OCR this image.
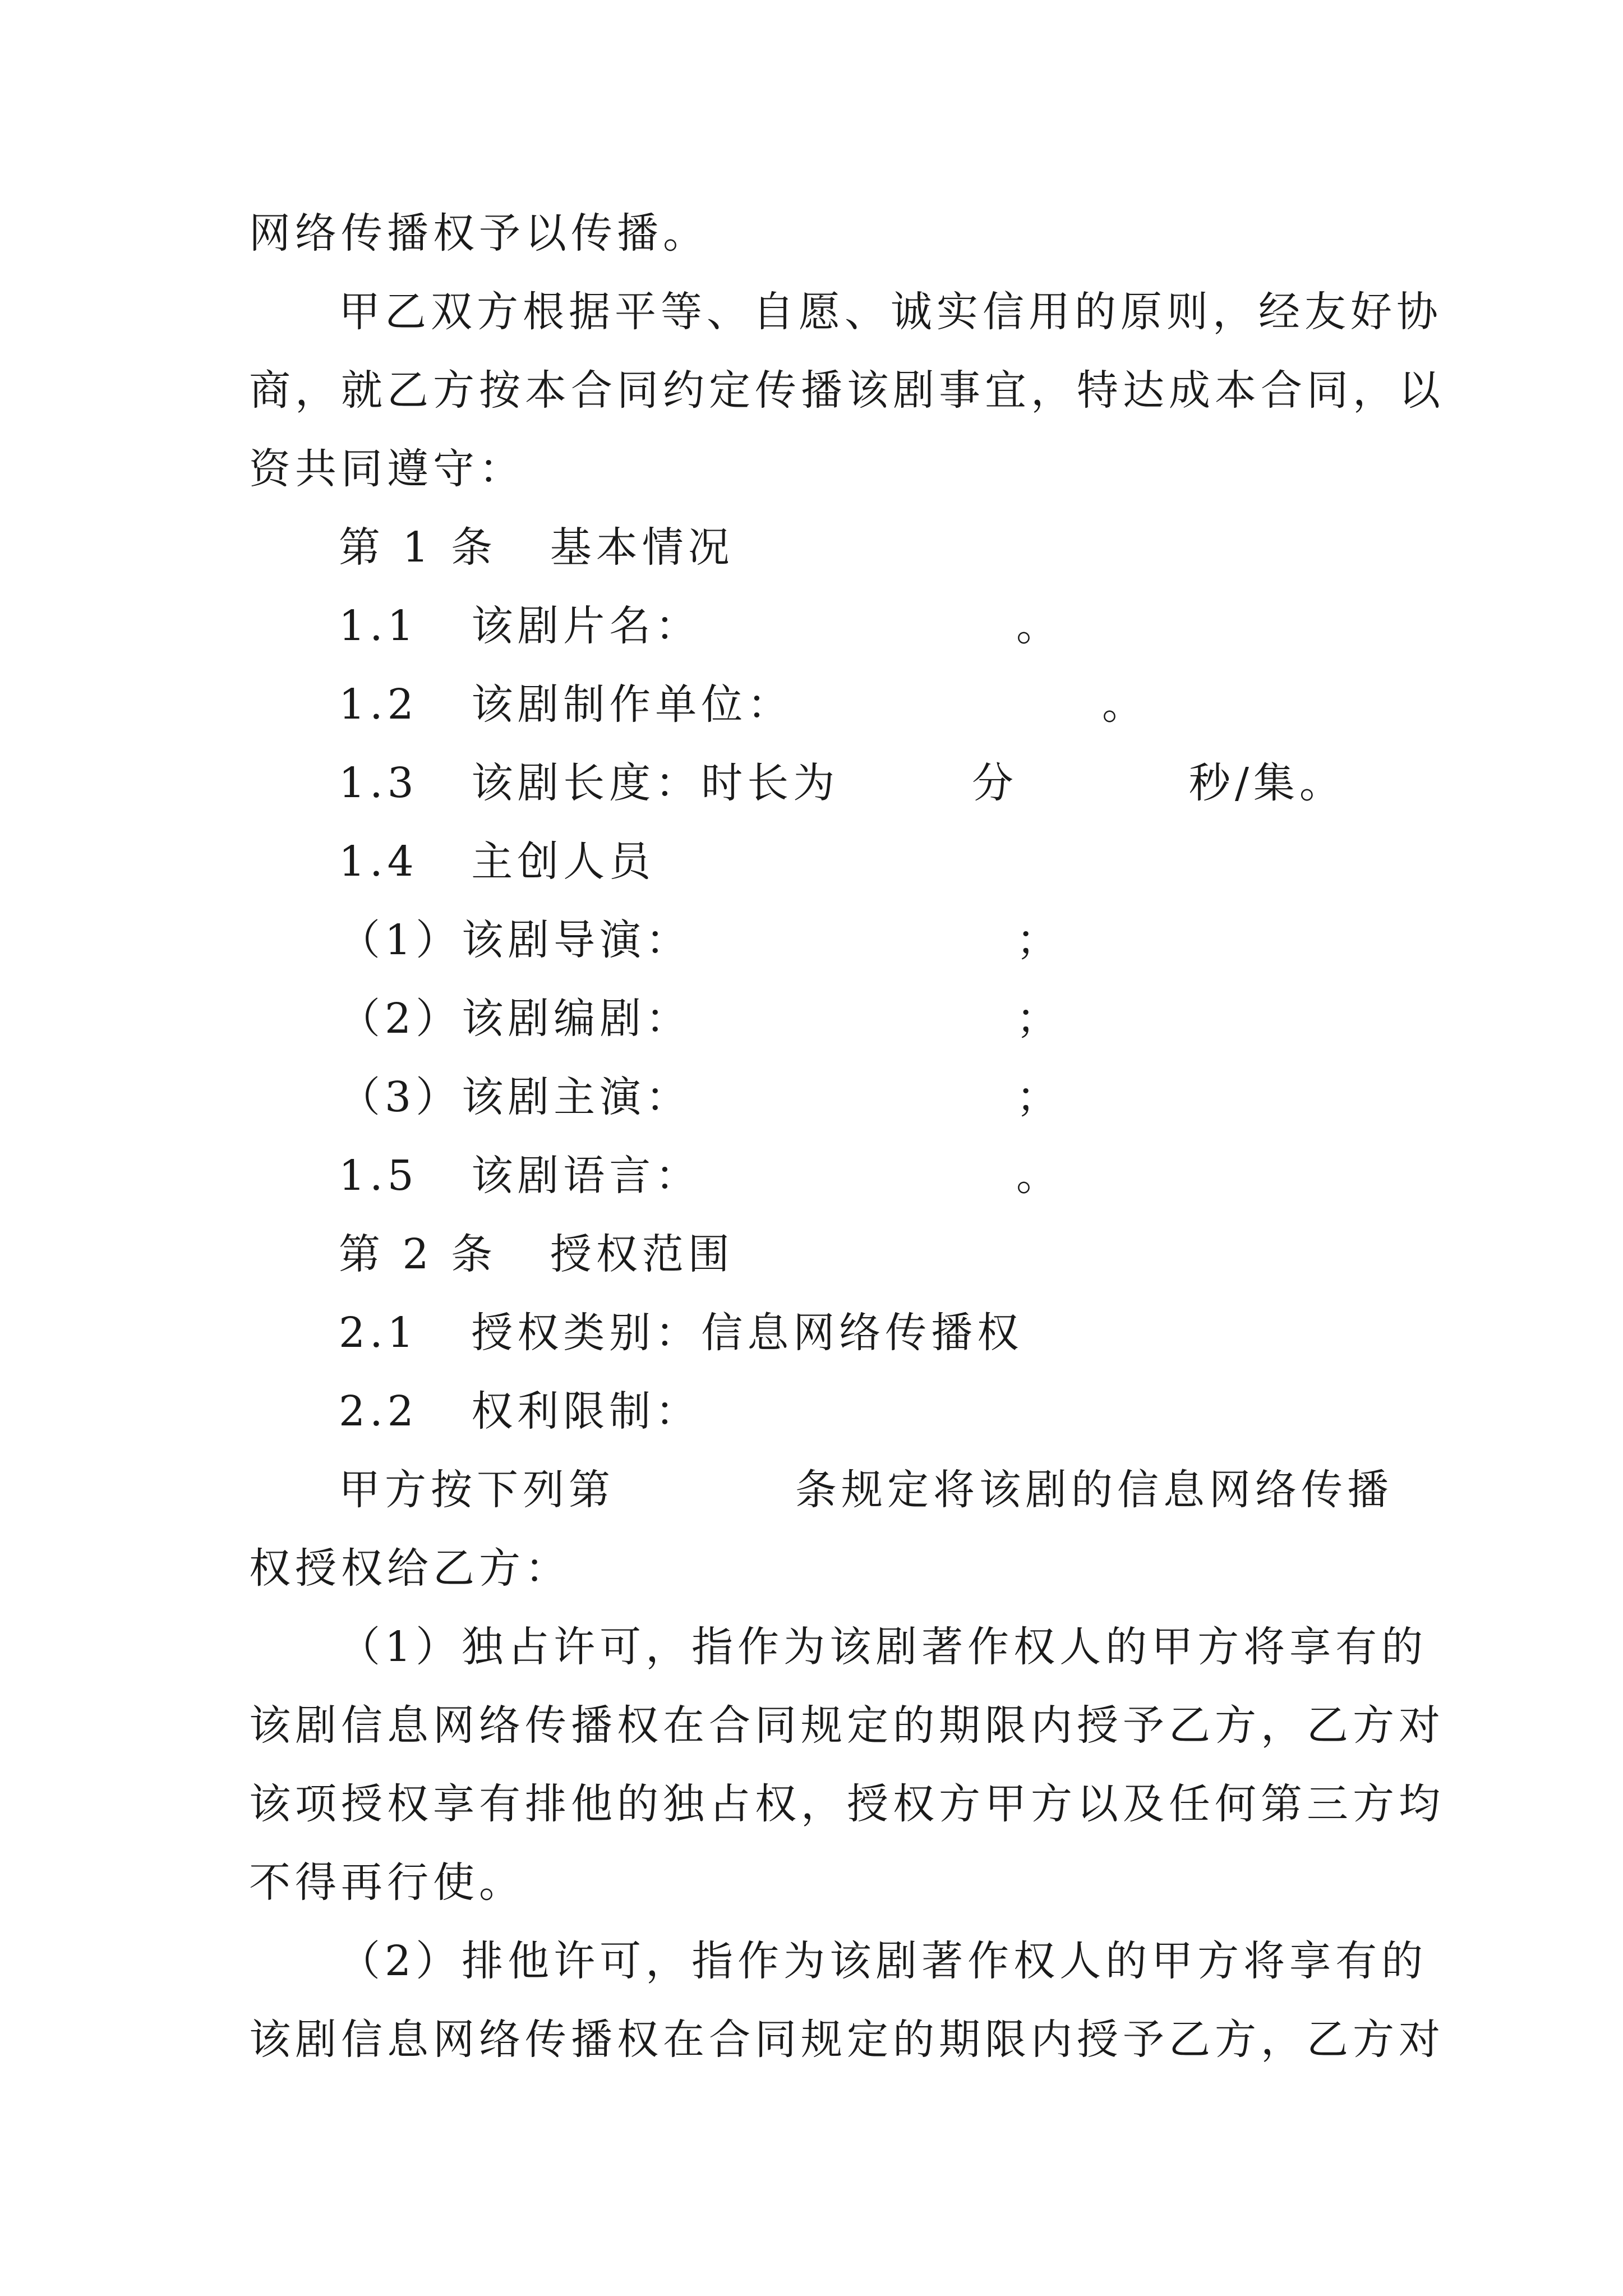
网络传播权予以传播。
甲乙双方根据平等、自愿、诚实信用的原则，经友好协
商，就乙方按本合同约定传播该剧事宜，特达成本合同，以
资共同遵守：
第 1 条   基本情况
1.1   该剧片名：	。
1.2   该剧制作单位：	。
1.3   该剧长度：时长为	分	秒/集。
1.4   主创人员
（1）该剧导演：	；
（2）该剧编剧：	；
（3）该剧主演：	；
1.5   该剧语言：	。
第 2 条   授权范围
2.1   授权类别：信息网络传播权
2.2   权利限制：
甲方按下列第	条规定将该剧的信息网络传播
权授权给乙方：
（1）独占许可，指作为该剧著作权人的甲方将享有的
该剧信息网络传播权在合同规定的期限内授予乙方，乙方对
该项授权享有排他的独占权，授权方甲方以及任何第三方均
不得再行使。
（2）排他许可，指作为该剧著作权人的甲方将享有的
该剧信息网络传播权在合同规定的期限内授予乙方，乙方对
